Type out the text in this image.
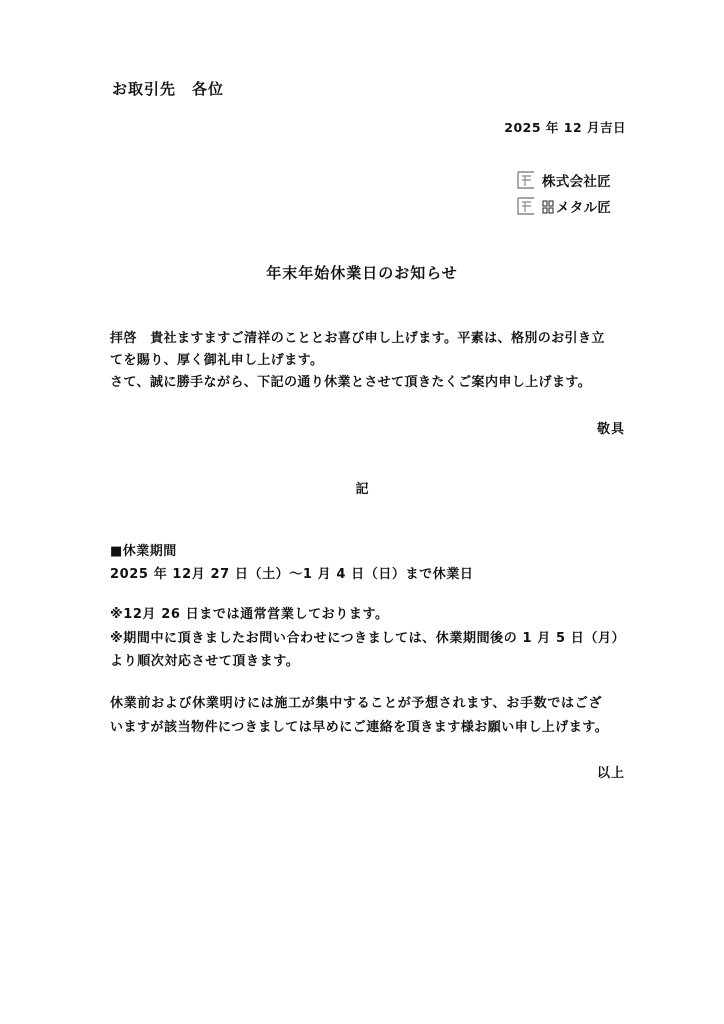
お取引先　各位
2025 年 12 月吉日
株式会社匠
メタル匠
年末年始休業日のお知らせ
拝啓　貴社ますますご清祥のこととお喜び申し上げます。平素は、格別のお引き立
てを賜り、厚く御礼申し上げます。
さて、誠に勝手ながら、下記の通り休業とさせて頂きたくご案内申し上げます。
敬具
記
■休業期間
2025 年 12月 27 日（土）～1 月 4 日（日）まで休業日
※12月 26 日までは通常営業しております。
※期間中に頂きましたお問い合わせにつきましては、休業期間後の 1 月 5 日（月）
より順次対応させて頂きます。
休業前および休業明けには施工が集中することが予想されます、お手数ではござ
いますが該当物件につきましては早めにご連絡を頂きます様お願い申し上げます。
以上
